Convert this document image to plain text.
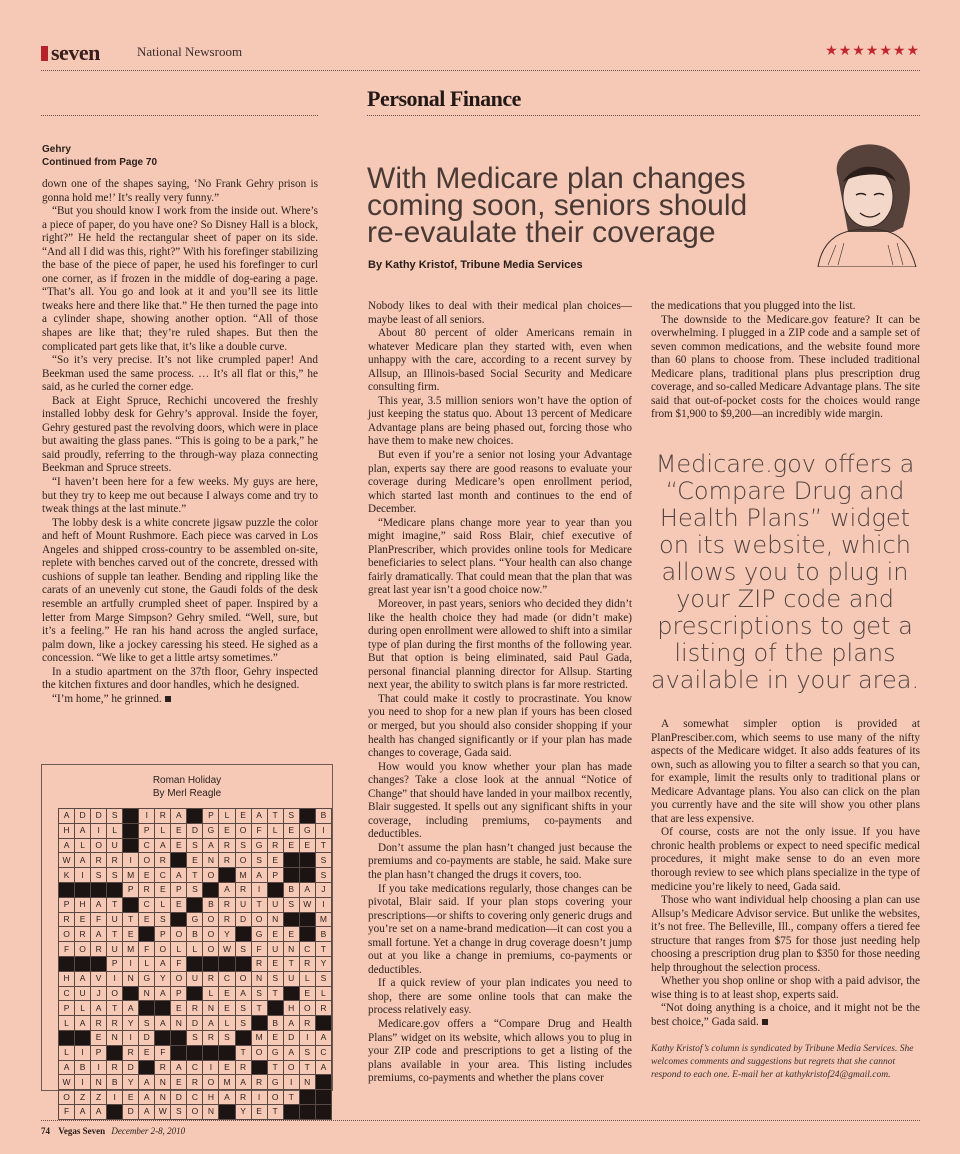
seven	National Newsroom	★★★★★★★
Personal Finance
Gehry
Continued from Page 70

down one of the shapes saying, ‘No Frank Gehry prison is gonna hold me!’ It’s really very funny.”

“But you should know I work from the inside out. Where’s a piece of paper, do you have one? So Disney Hall is a block, right?” He held the rectangular sheet of paper on its side. “And all I did was this, right?” With his forefinger stabilizing the base of the piece of paper, he used his forefinger to curl one corner, as if frozen in the middle of dog-earing a page. “That’s all. You go and look at it and you’ll see its little tweaks here and there like that.” He then turned the page into a cylinder shape, showing another option. “All of those shapes are like that; they’re ruled shapes. But then the complicated part gets like that, it’s like a double curve.

“So it’s very precise. It’s not like crumpled paper! And Beekman used the same process. … It’s all flat or this,” he said, as he curled the corner edge.

Back at Eight Spruce, Rechichi uncovered the freshly installed lobby desk for Gehry’s approval. Inside the foyer, Gehry gestured past the revolving doors, which were in place but awaiting the glass panes. “This is going to be a park,” he said proudly, referring to the through-way plaza connecting Beekman and Spruce streets.

“I haven’t been here for a few weeks. My guys are here, but they try to keep me out because I always come and try to tweak things at the last minute.”

The lobby desk is a white concrete jigsaw puzzle the color and heft of Mount Rushmore. Each piece was carved in Los Angeles and shipped cross-country to be assembled on-site, replete with benches carved out of the concrete, dressed with cushions of supple tan leather. Bending and rippling like the carats of an unevenly cut stone, the Gaudi folds of the desk resemble an artfully crumpled sheet of paper. Inspired by a letter from Marge Simpson? Gehry smiled. “Well, sure, but it’s a feeling.” He ran his hand across the angled surface, palm down, like a jockey caressing his steed. He sighed as a concession. “We like to get a little artsy sometimes.”

In a studio apartment on the 37th floor, Gehry inspected the kitchen fixtures and door handles, which he designed.

“I’m home,” he grinned.

Roman Holiday
By Merl Reagle
A	D	D	S		I	R	A		P	L	E	A	T	S		B
H	A	I	L		P	L	E	D	G	E	O	F	L	E	G	I
A	L	O	U		C	A	E	S	A	R	S	G	R	E	E	T
W	A	R	R	I	O	R		E	N	R	O	S	E			S
K	I	S	S	M	E	C	A	T	O		M	A	P			S
				P	R	E	P	S		A	R	I		B	A	J
P	H	A	T		C	L	E		B	R	U	T	U	S	W	I
R	E	F	U	T	E	S		G	O	R	D	O	N			M
O	R	A	T	E		P	O	B	O	Y		G	E	E		B
F	O	R	U	M	F	O	L	L	O	W	S	F	U	N	C	T
			P	I	L	A	F					R	E	T	R	Y
H	A	V	I	N	G	Y	O	U	R	C	O	N	S	U	L	S
C	U	J	O		N	A	P		L	E	A	S	T		E	L
P	L	A	T	A			E	R	N	E	S	T		H	O	R
L	A	R	R	Y	S	A	N	D	A	L	S		B	A	R	
		E	N	I	D			S	R	S		M	E	D	I	A
L	I	P		R	E	F					T	O	G	A	S	C
A	B	I	R	D		R	A	C	I	E	R		T	O	T	A
W	I	N	B	Y	A	N	E	R	O	M	A	R	G	I	N	
O	Z	Z	I	E	A	N	D	C	H	A	R	I	O	T		
F	A	A		D	A	W	S	O	N		Y	E	T			
With Medicare plan changes coming soon, seniors should re-evaulate their coverage
By Kathy Kristof, Tribune Media Services

Nobody likes to deal with their medical plan choices—maybe least of all seniors.

About 80 percent of older Americans remain in whatever Medicare plan they started with, even when unhappy with the care, according to a recent survey by Allsup, an Illinois-based Social Security and Medicare consulting firm.

This year, 3.5 million seniors won’t have the option of just keeping the status quo. About 13 percent of Medicare Advantage plans are being phased out, forcing those who have them to make new choices.

But even if you’re a senior not losing your Advantage plan, experts say there are good reasons to evaluate your coverage during Medicare’s open enrollment period, which started last month and continues to the end of December.

“Medicare plans change more year to year than you might imagine,” said Ross Blair, chief executive of PlanPrescriber, which provides online tools for Medicare beneficiaries to select plans. “Your health can also change fairly dramatically. That could mean that the plan that was great last year isn’t a good choice now.”

Moreover, in past years, seniors who decided they didn’t like the health choice they had made (or didn’t make) during open enrollment were allowed to shift into a similar type of plan during the first months of the following year. But that option is being eliminated, said Paul Gada, personal financial planning director for Allsup. Starting next year, the ability to switch plans is far more restricted.

That could make it costly to procrastinate. You know you need to shop for a new plan if yours has been closed or merged, but you should also consider shopping if your health has changed significantly or if your plan has made changes to coverage, Gada said.

How would you know whether your plan has made changes? Take a close look at the annual “Notice of Change” that should have landed in your mailbox recently, Blair suggested. It spells out any significant shifts in your coverage, including premiums, co-payments and deductibles.

Don’t assume the plan hasn’t changed just because the premiums and co-payments are stable, he said. Make sure the plan hasn’t changed the drugs it covers, too.

If you take medications regularly, those changes can be pivotal, Blair said. If your plan stops covering your prescriptions—or shifts to covering only generic drugs and you’re set on a name-brand medication—it can cost you a small fortune. Yet a change in drug coverage doesn’t jump out at you like a change in premiums, co-payments or deductibles.

If a quick review of your plan indicates you need to shop, there are some online tools that can make the process relatively easy.

Medicare.gov offers a “Compare Drug and Health Plans” widget on its website, which allows you to plug in your ZIP code and prescriptions to get a listing of the plans available in your area. This listing includes premiums, co-payments and whether the plans cover

the medications that you plugged into the list.

The downside to the Medicare.gov feature? It can be overwhelming. I plugged in a ZIP code and a sample set of seven common medications, and the website found more than 60 plans to choose from. These included traditional Medicare plans, traditional plans plus prescription drug coverage, and so-called Medicare Advantage plans. The site said that out-of-pocket costs for the choices would range from $1,900 to $9,200—an incredibly wide margin.

Medicare.gov offers a “Compare Drug and Health Plans” widget on its website, which allows you to plug in your ZIP code and prescriptions to get a listing of the plans available in your area.

A somewhat simpler option is provided at PlanPresciber.com, which seems to use many of the nifty aspects of the Medicare widget. It also adds features of its own, such as allowing you to filter a search so that you can, for example, limit the results only to traditional plans or Medicare Advantage plans. You also can click on the plan you currently have and the site will show you other plans that are less expensive.

Of course, costs are not the only issue. If you have chronic health problems or expect to need specific medical procedures, it might make sense to do an even more thorough review to see which plans specialize in the type of medicine you’re likely to need, Gada said.

Those who want individual help choosing a plan can use Allsup’s Medicare Advisor service. But unlike the websites, it’s not free. The Belleville, Ill., company offers a tiered fee structure that ranges from $75 for those just needing help choosing a prescription drug plan to $350 for those needing help throughout the selection process.

Whether you shop online or shop with a paid advisor, the wise thing is to at least shop, experts said.

“Not doing anything is a choice, and it might not be the best choice,” Gada said.

Kathy Kristof’s column is syndicated by Tribune Media Services. She welcomes comments and suggestions but regrets that she cannot respond to each one. E-mail her at kathykristof24@gmail.com.
74 Vegas Seven December 2-8, 2010
